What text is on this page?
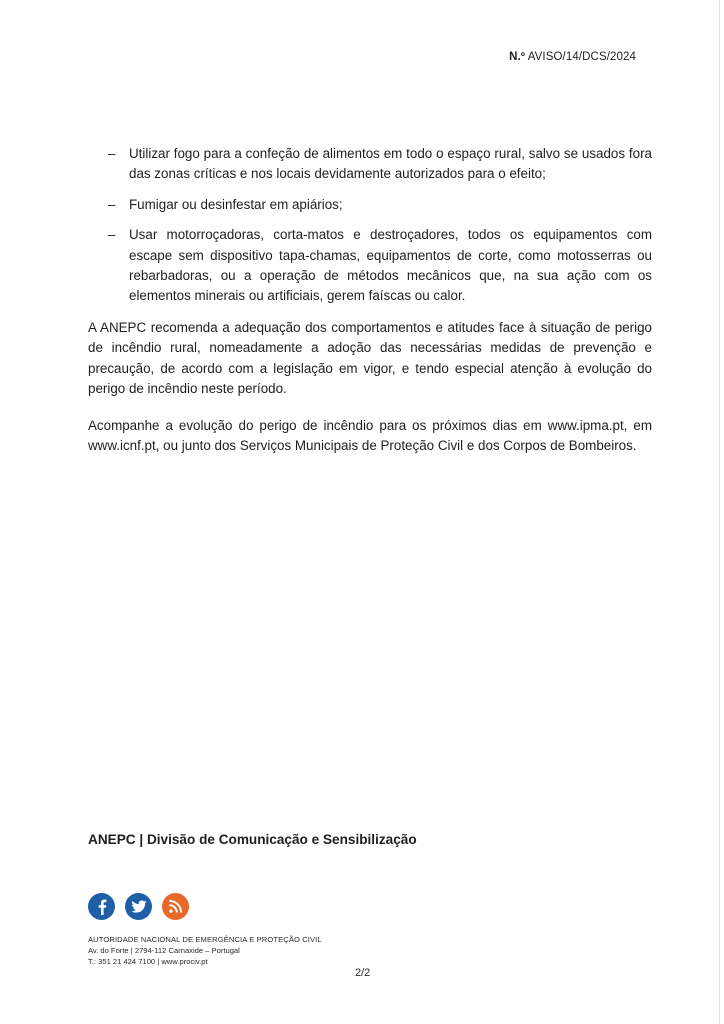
N.º AVISO/14/DCS/2024
– Utilizar fogo para a confeção de alimentos em todo o espaço rural, salvo se usados fora das zonas críticas e nos locais devidamente autorizados para o efeito;
– Fumigar ou desinfestar em apiários;
– Usar motorroçadoras, corta-matos e destroçadores, todos os equipamentos com escape sem dispositivo tapa-chamas, equipamentos de corte, como motosserras ou rebarbadoras, ou a operação de métodos mecânicos que, na sua ação com os elementos minerais ou artificiais, gerem faíscas ou calor.

A ANEPC recomenda a adequação dos comportamentos e atitudes face à situação de perigo de incêndio rural, nomeadamente a adoção das necessárias medidas de prevenção e precaução, de acordo com a legislação em vigor, e tendo especial atenção à evolução do perigo de incêndio neste período.

Acompanhe a evolução do perigo de incêndio para os próximos dias em www.ipma.pt, em www.icnf.pt, ou junto dos Serviços Municipais de Proteção Civil e dos Corpos de Bombeiros.

ANEPC | Divisão de Comunicação e Sensibilização
AUTORIDADE NACIONAL DE EMERGÊNCIA E PROTEÇÃO CIVIL
Av. do Forte | 2794-112 Carnaxide – Portugal
T.: 351 21 424 7100 | www.prociv.pt
2/2
